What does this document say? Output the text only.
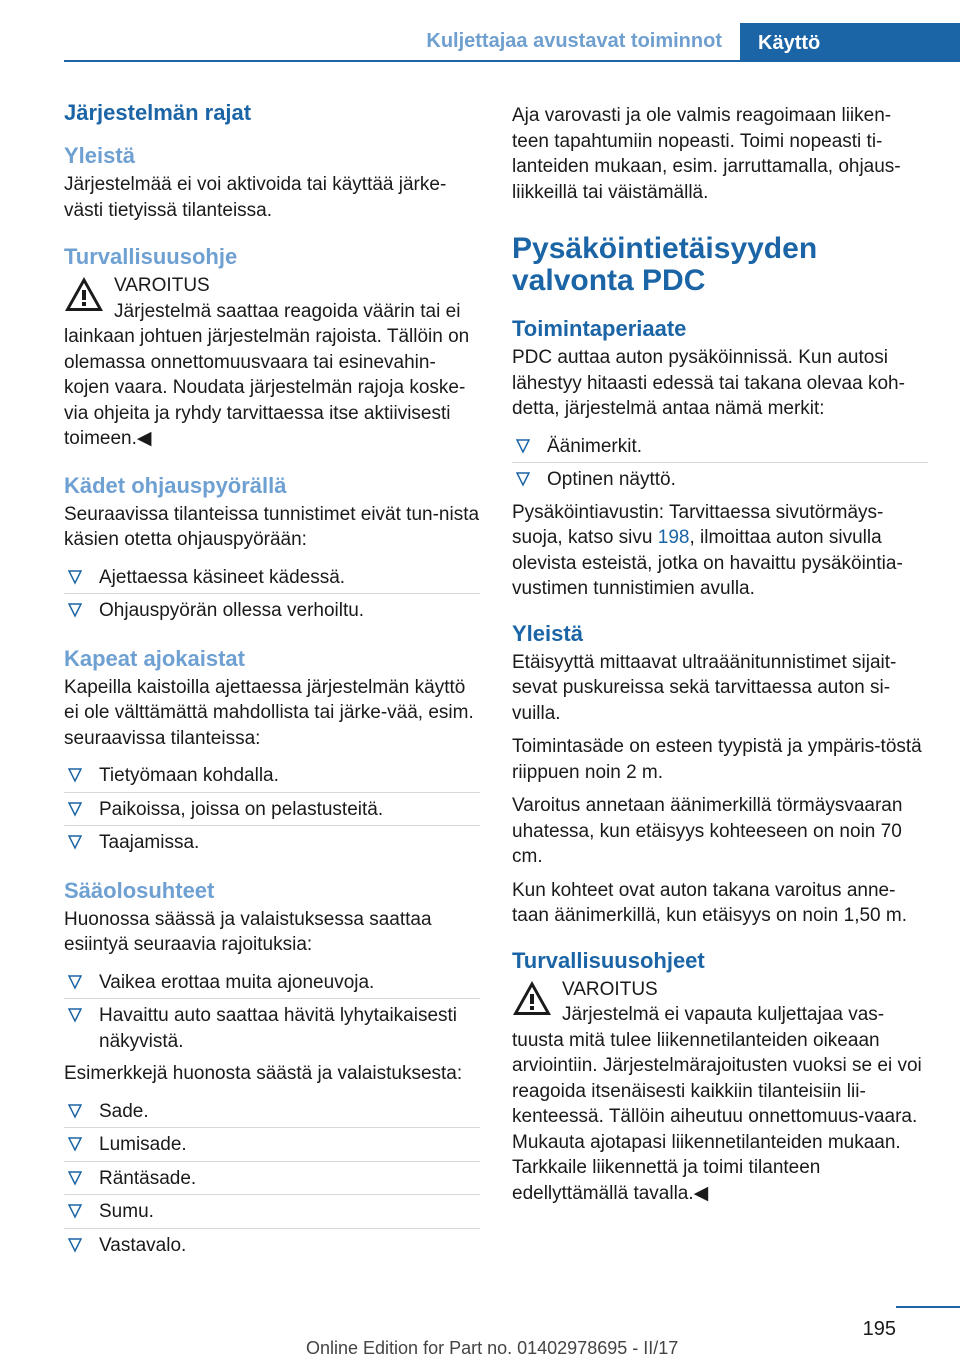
Kuljettajaa avustavat toiminnot	Käyttö
Järjestelmän rajat
Yleistä

Järjestelmää ei voi aktivoida tai käyttää järke-västi tietyissä tilanteissa.

Turvallisuusohje
VAROITUS
Järjestelmä saattaa reagoida väärin tai ei

lainkaan johtuen järjestelmän rajoista. Tällöin on olemassa onnettomuusvaara tai esinevahin-kojen vaara. Noudata järjestelmän rajoja koske-via ohjeita ja ryhdy tarvittaessa itse aktiivisesti toimeen.◀

Kädet ohjauspyörällä

Seuraavissa tilanteissa tunnistimet eivät tun-nista käsien otetta ohjauspyörään:

Ajettaessa käsineet kädessä.
Ohjauspyörän ollessa verhoiltu.
Kapeat ajokaistat

Kapeilla kaistoilla ajettaessa järjestelmän käyttö ei ole välttämättä mahdollista tai järke-vää, esim. seuraavissa tilanteissa:

Tietyömaan kohdalla.
Paikoissa, joissa on pelastusteitä.
Taajamissa.
Sääolosuhteet

Huonossa säässä ja valaistuksessa saattaa esiintyä seuraavia rajoituksia:

Vaikea erottaa muita ajoneuvoja.
Havaittu auto saattaa hävitä lyhytaikaisesti näkyvistä.

Esimerkkejä huonosta säästä ja valaistuksesta:

Sade.
Lumisade.
Räntäsade.
Sumu.
Vastavalo.

Aja varovasti ja ole valmis reagoimaan liiken-teen tapahtumiin nopeasti. Toimi nopeasti ti-lanteiden mukaan, esim. jarruttamalla, ohjaus-liikkeillä tai väistämällä.

Pysäköintietäisyyden valvonta PDC
Toimintaperiaate

PDC auttaa auton pysäköinnissä. Kun autosi lähestyy hitaasti edessä tai takana olevaa koh-detta, järjestelmä antaa nämä merkit:

Äänimerkit.
Optinen näyttö.

Pysäköintiavustin: Tarvittaessa sivutörmäys-suoja, katso sivu 198, ilmoittaa auton sivulla olevista esteistä, jotka on havaittu pysäköintia-vustimen tunnistimien avulla.

Yleistä

Etäisyyttä mittaavat ultraäänitunnistimet sijait-sevat puskureissa sekä tarvittaessa auton si-vuilla.

Toimintasäde on esteen tyypistä ja ympäris-töstä riippuen noin 2 m.

Varoitus annetaan äänimerkillä törmäysvaaran uhatessa, kun etäisyys kohteeseen on noin 70 cm.

Kun kohteet ovat auton takana varoitus anne-taan äänimerkillä, kun etäisyys on noin 1,50 m.

Turvallisuusohjeet
VAROITUS
Järjestelmä ei vapauta kuljettajaa vas-

tuusta mitä tulee liikennetilanteiden oikeaan arviointiin. Järjestelmärajoitusten vuoksi se ei voi reagoida itsenäisesti kaikkiin tilanteisiin lii-kenteessä. Tällöin aiheutuu onnettomuus-vaara. Mukauta ajotapasi liikennetilanteiden mukaan. Tarkkaile liikennettä ja toimi tilanteen edellyttämällä tavalla.◀

195
Online Edition for Part no. 01402978695 - II/17
